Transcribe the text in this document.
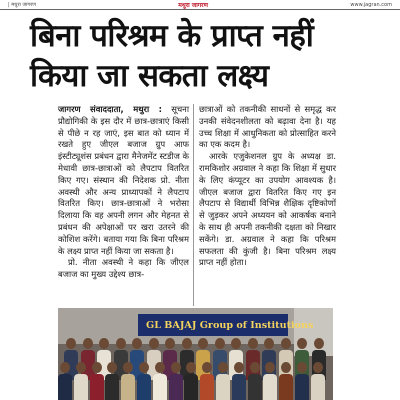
| मथुरा जागरण	मथुरा जागरण	www.jagran.com
बिना परिश्रम के प्राप्त नहीं
किया जा सकता लक्ष्य

जागरण संवाददाता, मथुरा : सूचना प्रौद्योगिकी के इस दौर में छात्र-छात्राएं किसी से पीछे न रह जाएं, इस बात को ध्यान में रखते हुए जीएल बजाज ग्रुप आफ इंस्टीट्यूशंस प्रबंधन द्वारा मैनेजमेंट स्टडीज के मेधावी छात्र-छात्राओं को लैपटाप वितरित किए गए। संस्थान की निदेशक प्रो. नीता अवस्थी और अन्य प्राध्यापकों ने लैपटाप वितरित किए। छात्र-छात्राओं ने भरोसा दिलाया कि वह अपनी लगन और मेहनत से प्रबंधन की अपेक्षाओं पर खरा उतरने की कोशिश करेंगे। बताया गया कि बिना परिश्रम के लक्ष्य प्राप्त नहीं किया जा सकता है।

प्रो. नीता अवस्थी ने कहा कि जीएल बजाज का मुख्य उद्देश्य छात्र-

छात्राओं को तकनीकी साधनों से समृद्ध कर उनकी संवेदनशीलता को बढ़ावा देना है। यह उच्च शिक्षा में आधुनिकता को प्रोत्साहित करने का एक कदम है।

आरके एजुकेशनल ग्रुप के अध्यक्ष डा. रामकिशोर अग्रवाल ने कहा कि शिक्षा में सुधार के लिए कंप्यूटर का उपयोग आवश्यक है। जीएल बजाज द्वारा वितरित किए गए इन लैपटाप से विद्यार्थी विभिन्न शैक्षिक दृष्टिकोणों से जुड़कर अपने अध्ययन को आकर्षक बनाने के साथ ही अपनी तकनीकी दक्षता को निखार सकेंगे। डा. अग्रवाल ने कहा कि परिश्रम सफलता की कुंजी है। बिना परिश्रम लक्ष्य प्राप्त नहीं होता।

GL BAJAJ Group of Institutions
